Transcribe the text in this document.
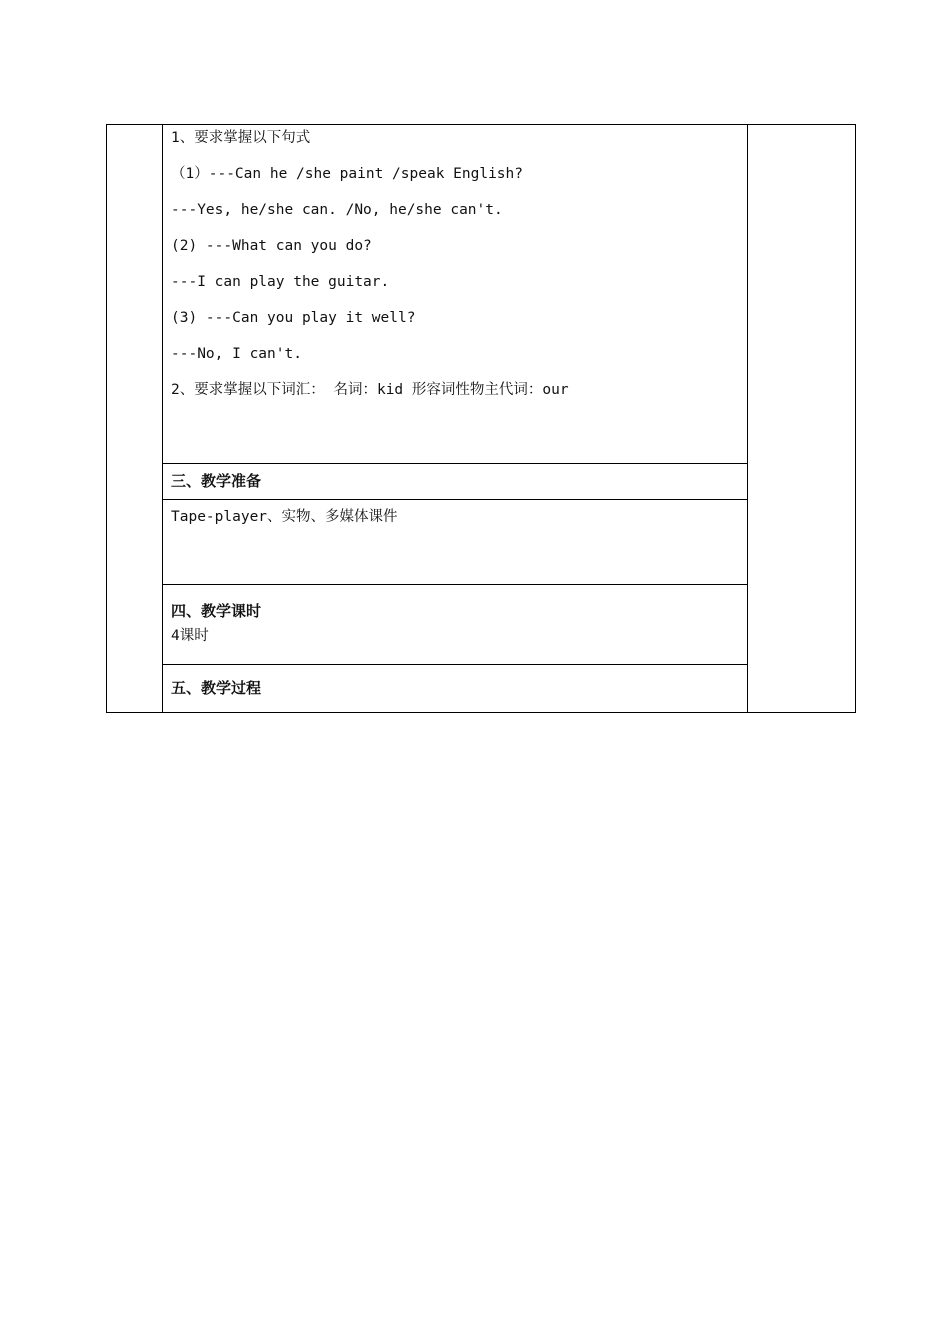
1、要求掌握以下句式
（1）---Can he /she paint /speak English?
---Yes, he/she can. /No, he/she can't.
(2) ---What can you do?
---I can play the guitar.
(3) ---Can you play it well?
---No, I can't.
2、要求掌握以下词汇： 名词：kid 形容词性物主代词：our
三、教学准备
Tape-player、实物、多媒体课件
四、教学课时
4课时
五、教学过程
